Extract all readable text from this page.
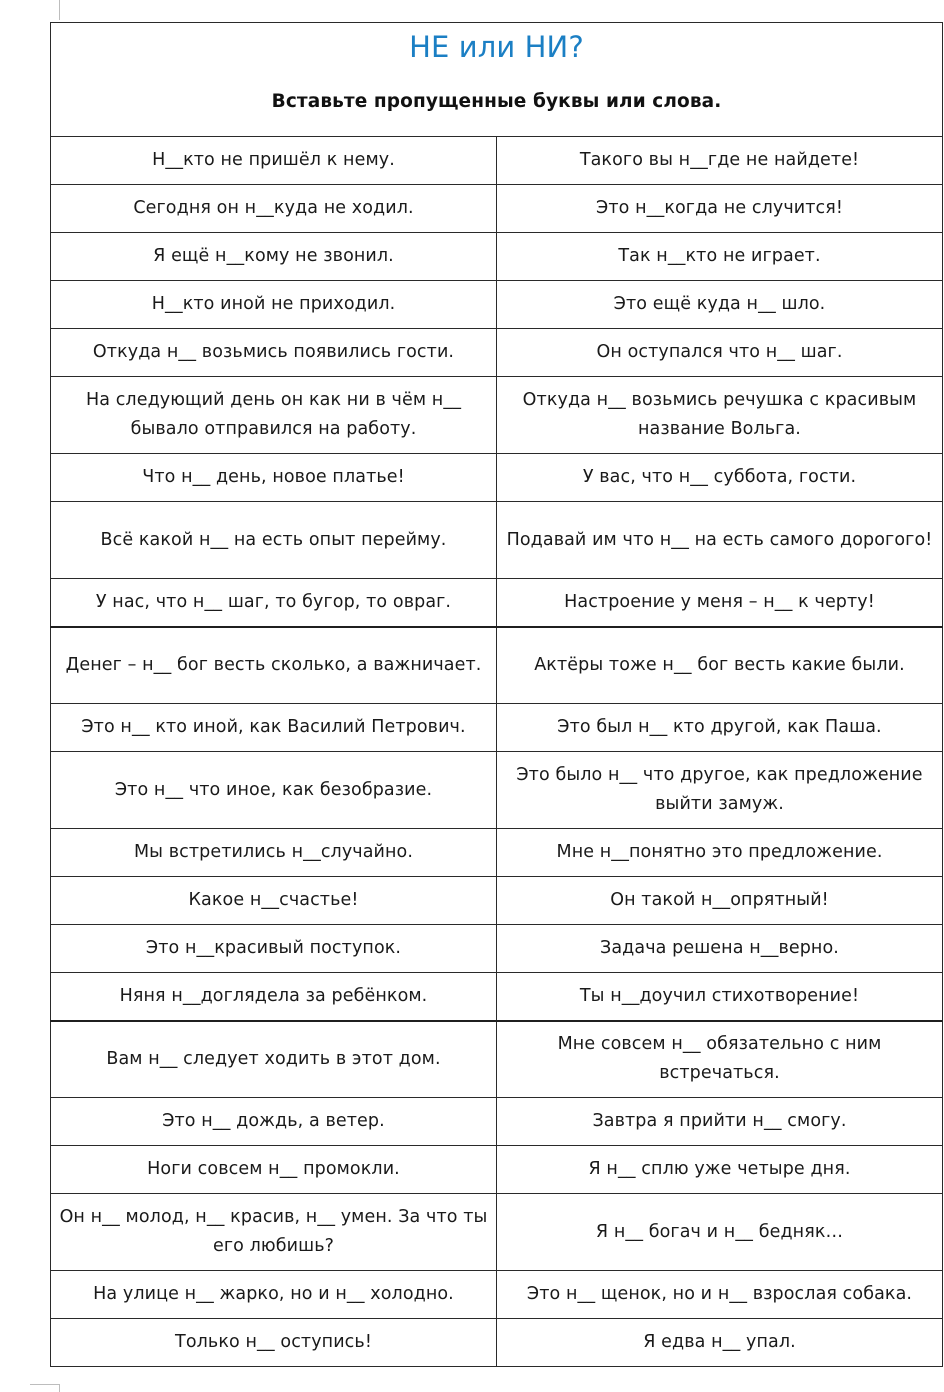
НЕ или НИ?
Вставьте пропущенные буквы или слова.	

Н__кто не пришёл к нему.	Такого вы н__где не найдете!
Сегодня он н__куда не ходил.	Это н__когда не случится!
Я ещё н__кому не звонил.	Так н__кто не играет.
Н__кто иной не приходил.	Это ещё куда н__ шло.
Откуда н__ возьмись появились гости.	Он оступался что н__ шаг.
На следующий день он как ни в чём н__ бывало отправился на работу.	Откуда н__ возьмись речушка с красивым название Вольга.
Что н__ день, новое платье!	У вас, что н__ суббота, гости.
Всё какой н__ на есть опыт перейму.	Подавай им что н__ на есть самого дорогого!
У нас, что н__ шаг, то бугор, то овраг.	Настроение у меня – н__ к черту!
Денег – н__ бог весть сколько, а важничает.	Актёры тоже н__ бог весть какие были.
Это н__ кто иной, как Василий Петрович.	Это был н__ кто другой, как Паша.
Это н__ что иное, как безобразие.	Это было н__ что другое, как предложение выйти замуж.
Мы встретились н__случайно.	Мне н__понятно это предложение.
Какое н__счастье!	Он такой н__опрятный!
Это н__красивый поступок.	Задача решена н__верно.
Няня н__доглядела за ребёнком.	Ты н__доучил стихотворение!
Вам н__ следует ходить в этот дом.	Мне совсем н__ обязательно с ним встречаться.
Это н__ дождь, а ветер.	Завтра я прийти н__ смогу.
Ноги совсем н__ промокли.	Я н__ сплю уже четыре дня.
Он н__ молод, н__ красив, н__ умен. За что ты его любишь?	Я н__ богач и н__ бедняк…
На улице н__ жарко, но и н__ холодно.	Это н__ щенок, но и н__ взрослая собака.
Только н__ оступись!	Я едва н__ упал.
